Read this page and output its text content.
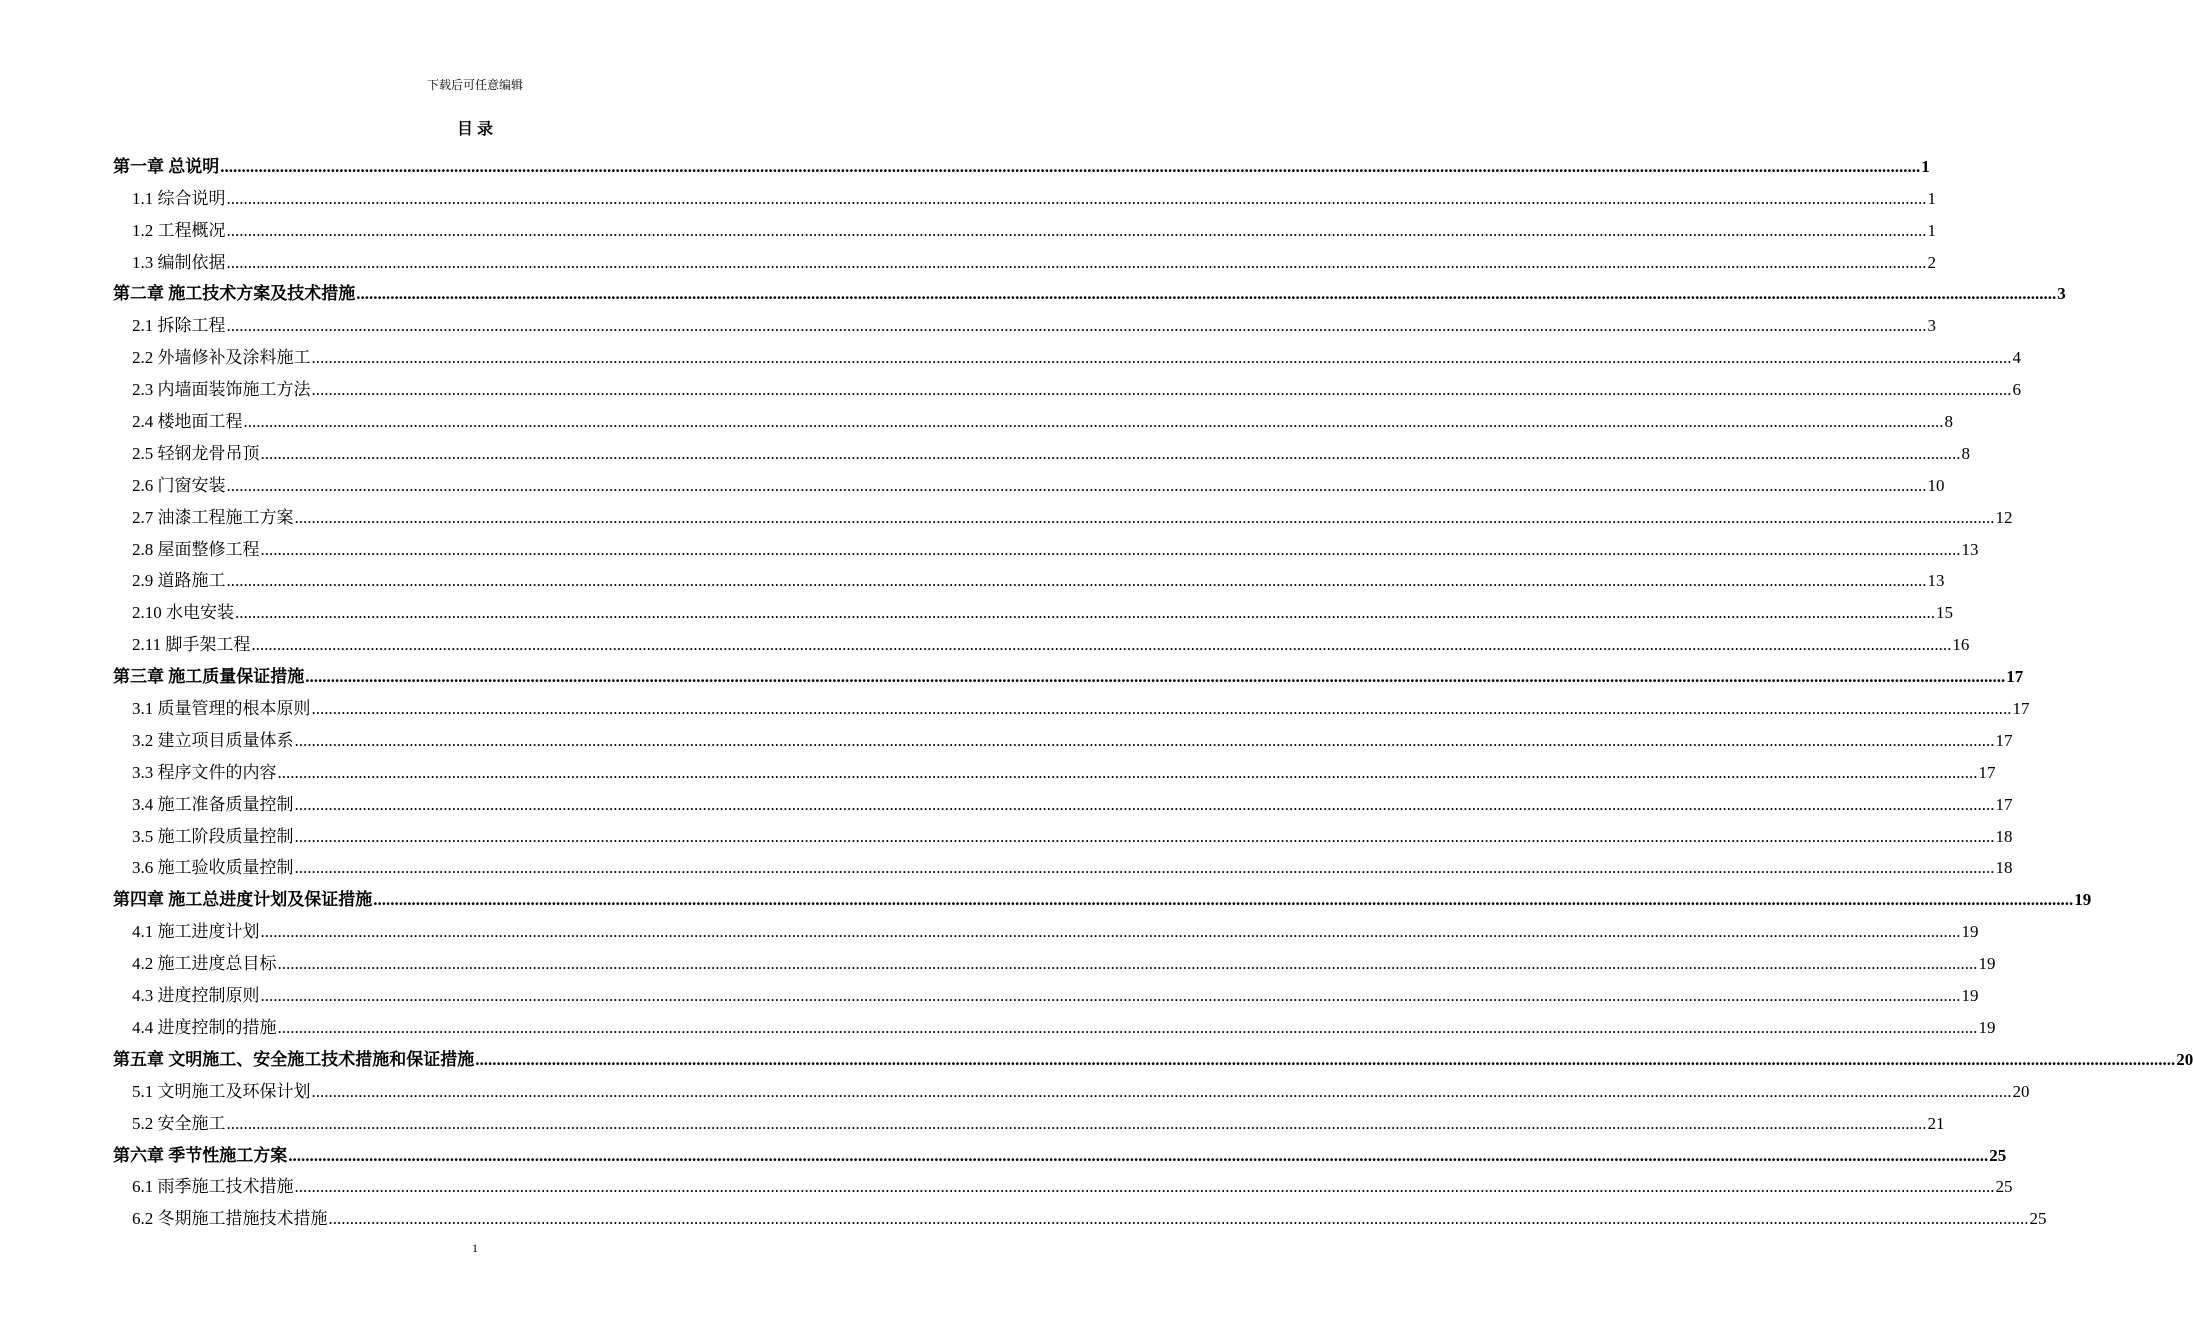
下载后可任意编辑
目 录
第一章 总说明 ................................................................................................................................................................................................................................................................................................................................................................................................................ 1
1.1 综合说明 ................................................................................................................................................................................................................................................................................................................................................................................................................ 1
1.2 工程概况 ................................................................................................................................................................................................................................................................................................................................................................................................................ 1
1.3 编制依据 ................................................................................................................................................................................................................................................................................................................................................................................................................ 2
第二章 施工技术方案及技术措施 ................................................................................................................................................................................................................................................................................................................................................................................................................ 3
2.1 拆除工程 ................................................................................................................................................................................................................................................................................................................................................................................................................ 3
2.2 外墙修补及涂料施工 ................................................................................................................................................................................................................................................................................................................................................................................................................ 4
2.3 内墙面装饰施工方法 ................................................................................................................................................................................................................................................................................................................................................................................................................ 6
2.4 楼地面工程 ................................................................................................................................................................................................................................................................................................................................................................................................................ 8
2.5 轻钢龙骨吊顶 ................................................................................................................................................................................................................................................................................................................................................................................................................ 8
2.6 门窗安装 ................................................................................................................................................................................................................................................................................................................................................................................................................ 10
2.7 油漆工程施工方案 ................................................................................................................................................................................................................................................................................................................................................................................................................ 12
2.8 屋面整修工程 ................................................................................................................................................................................................................................................................................................................................................................................................................ 13
2.9 道路施工 ................................................................................................................................................................................................................................................................................................................................................................................................................ 13
2.10 水电安装 ................................................................................................................................................................................................................................................................................................................................................................................................................ 15
2.11 脚手架工程 ................................................................................................................................................................................................................................................................................................................................................................................................................ 16
第三章 施工质量保证措施 ................................................................................................................................................................................................................................................................................................................................................................................................................ 17
3.1 质量管理的根本原则 ................................................................................................................................................................................................................................................................................................................................................................................................................ 17
3.2 建立项目质量体系 ................................................................................................................................................................................................................................................................................................................................................................................................................ 17
3.3 程序文件的内容 ................................................................................................................................................................................................................................................................................................................................................................................................................ 17
3.4 施工准备质量控制 ................................................................................................................................................................................................................................................................................................................................................................................................................ 17
3.5 施工阶段质量控制 ................................................................................................................................................................................................................................................................................................................................................................................................................ 18
3.6 施工验收质量控制 ................................................................................................................................................................................................................................................................................................................................................................................................................ 18
第四章 施工总进度计划及保证措施 ................................................................................................................................................................................................................................................................................................................................................................................................................ 19
4.1 施工进度计划 ................................................................................................................................................................................................................................................................................................................................................................................................................ 19
4.2 施工进度总目标 ................................................................................................................................................................................................................................................................................................................................................................................................................ 19
4.3 进度控制原则 ................................................................................................................................................................................................................................................................................................................................................................................................................ 19
4.4 进度控制的措施 ................................................................................................................................................................................................................................................................................................................................................................................................................ 19
第五章 文明施工、安全施工技术措施和保证措施 ................................................................................................................................................................................................................................................................................................................................................................................................................ 20
5.1 文明施工及环保计划 ................................................................................................................................................................................................................................................................................................................................................................................................................ 20
5.2 安全施工 ................................................................................................................................................................................................................................................................................................................................................................................................................ 21
第六章 季节性施工方案 ................................................................................................................................................................................................................................................................................................................................................................................................................ 25
6.1 雨季施工技术措施 ................................................................................................................................................................................................................................................................................................................................................................................................................ 25
6.2 冬期施工措施技术措施 ................................................................................................................................................................................................................................................................................................................................................................................................................ 25
1
